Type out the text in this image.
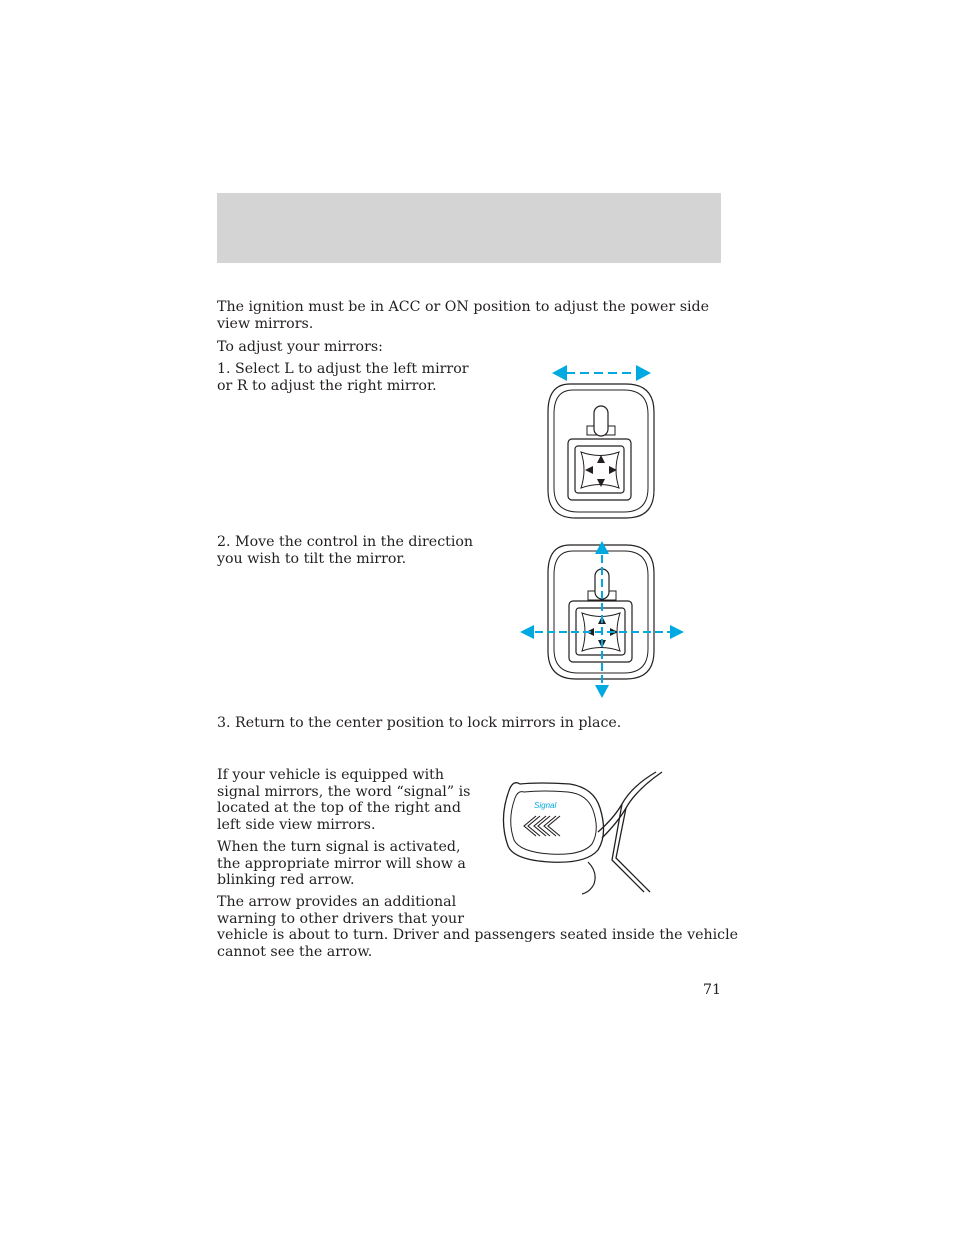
The ignition must be in ACC or ON position to adjust the power side
view mirrors.

To adjust your mirrors:

1. Select L to adjust the left mirror
or R to adjust the right mirror.

2. Move the control in the direction
you wish to tilt the mirror.

3. Return to the center position to lock mirrors in place.

If your vehicle is equipped with
signal mirrors, the word “signal” is
located at the top of the right and
left side view mirrors.

When the turn signal is activated,
the appropriate mirror will show a
blinking red arrow.

The arrow provides an additional
warning to other drivers that your
vehicle is about to turn. Driver and passengers seated inside the vehicle
cannot see the arrow.

Signal
71
